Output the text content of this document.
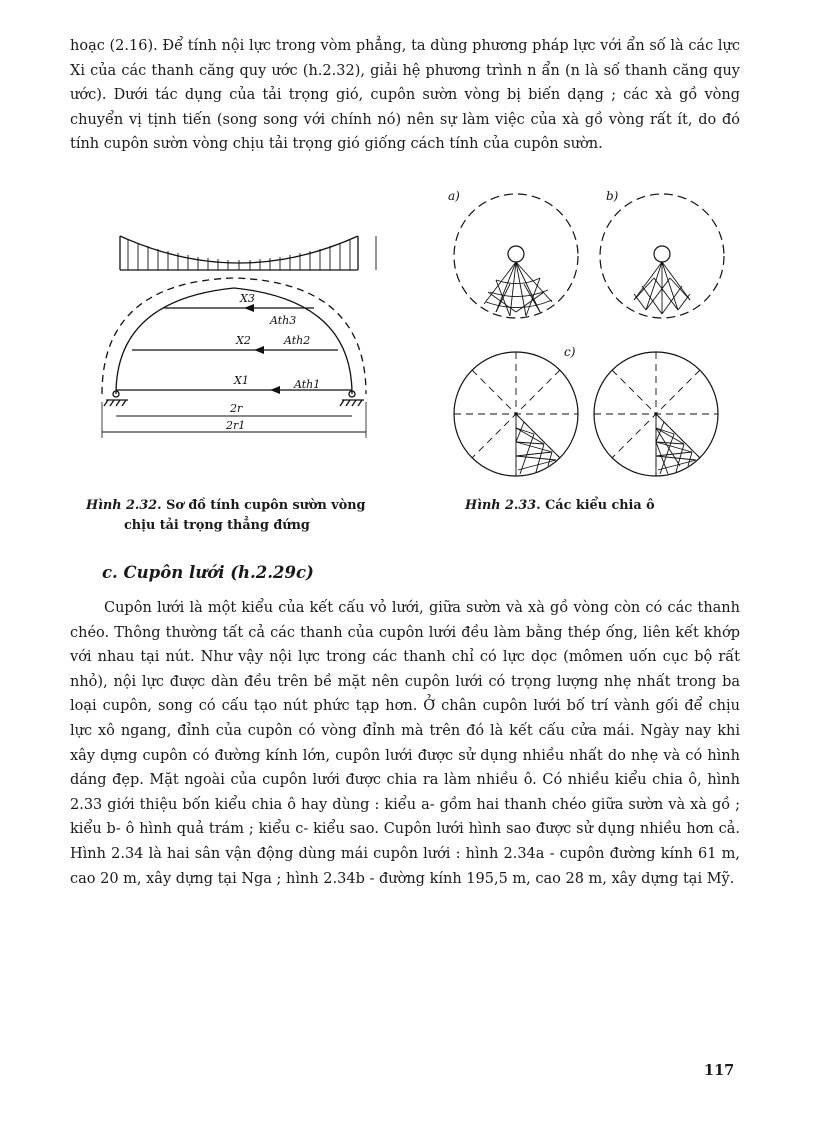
hoạc (2.16). Để tính nội lực trong vòm phẳng, ta dùng phương pháp lực với ẩn số là các lực Xi của các thanh căng quy ước (h.2.32), giải hệ phương trình n ẩn (n là số thanh căng quy ước). Dưới tác dụng của tải trọng gió, cupôn sườn vòng bị biến dạng ; các xà gồ vòng chuyển vị tịnh tiến (song song với chính nó) nên sự làm việc của xà gồ vòng rất ít, do đó tính cupôn sườn vòng chịu tải trọng gió giống cách tính của cupôn sườn.
X3
Ath3
X2	Ath2
X1	Ath1
2r
2r1
a)	b)
c)
Hình 2.32. Sơ đồ tính cupôn sườn vòng
chịu tải trọng thẳng đứng
Hình 2.33. Các kiểu chia ô
c. Cupôn lưới (h.2.29c)
Cupôn lưới là một kiểu của kết cấu vỏ lưới, giữa sườn và xà gồ vòng còn có các thanh chéo. Thông thường tất cả các thanh của cupôn lưới đều làm bằng thép ống, liên kết khớp với nhau tại nút. Như vậy nội lực trong các thanh chỉ có lực dọc (mômen uốn cục bộ rất nhỏ), nội lực được dàn đều trên bề mặt nên cupôn lưới có trọng lượng nhẹ nhất trong ba loại cupôn, song có cấu tạo nút phức tạp hơn. Ở chân cupôn lưới bố trí vành gối để chịu lực xô ngang, đỉnh của cupôn có vòng đỉnh mà trên đó là kết cấu cửa mái. Ngày nay khi xây dựng cupôn có đường kính lớn, cupôn lưới được sử dụng nhiều nhất do nhẹ và có hình dáng đẹp. Mặt ngoài của cupôn lưới được chia ra làm nhiều ô. Có nhiều kiểu chia ô, hình 2.33 giới thiệu bốn kiểu chia ô hay dùng : kiểu a- gồm hai thanh chéo giữa sườn và xà gồ ; kiểu b- ô hình quả trám ; kiểu c- kiểu sao. Cupôn lưới hình sao được sử dụng nhiều hơn cả. Hình 2.34 là hai sân vận động dùng mái cupôn lưới : hình 2.34a - cupôn đường kính 61 m, cao 20 m, xây dựng tại Nga ; hình 2.34b - đường kính 195,5 m, cao 28 m, xây dựng tại Mỹ.
117
